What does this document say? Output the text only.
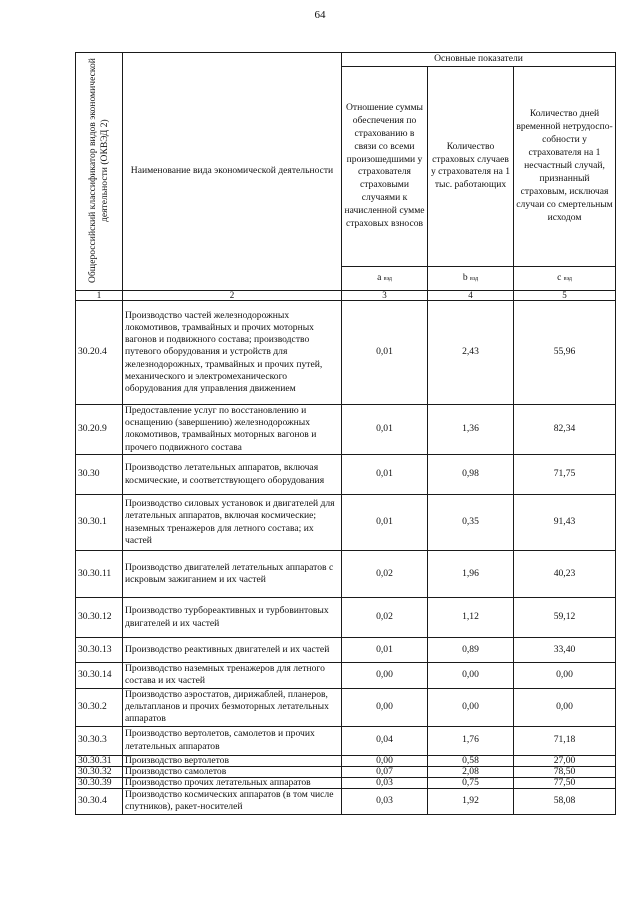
64
Общероссийский классификатор видов экономической деятельности (ОКВЭД 2)	Наименование вида экономической деятельности	Основные показатели		
		Отношение суммы обеспечения по страхованию в связи со всеми произошедшими у страхователя страховыми случаями к начисленной сумме страховых взносов	Количество страховых случаев у страхователя на 1 тыс. работающих	Количество дней временной нетрудоспо-собности у страхователя на 1 несчастный случай, признанный страховым, исключая случаи со смертельным исходом
		a вэд	b вэд	c вэд
1	2	3	4	5
30.20.4	Производство частей железнодорожных локомотивов, трамвайных и прочих моторных вагонов и подвижного состава; производство путевого оборудования и устройств для железнодорожных, трамвайных и прочих путей, механического и электромеханического оборудования для управления движением	0,01	2,43	55,96
30.20.9	Предоставление услуг по восстановлению и оснащению (завершению) железнодорожных локомотивов, трамвайных моторных вагонов и прочего подвижного состава	0,01	1,36	82,34
30.30	Производство летательных аппаратов, включая космические, и соответствующего оборудования	0,01	0,98	71,75
30.30.1	Производство силовых установок и двигателей для летательных аппаратов, включая космические; наземных тренажеров для летного состава; их частей	0,01	0,35	91,43
30.30.11	Производство двигателей летательных аппаратов с искровым зажиганием и их частей	0,02	1,96	40,23
30.30.12	Производство турбореактивных и турбовинтовых двигателей и их частей	0,02	1,12	59,12
30.30.13	Производство реактивных двигателей и их частей	0,01	0,89	33,40
30.30.14	Производство наземных тренажеров для летного состава и их частей	0,00	0,00	0,00
30.30.2	Производство аэростатов, дирижаблей, планеров, дельтапланов и прочих безмоторных летательных аппаратов	0,00	0,00	0,00
30.30.3	Производство вертолетов, самолетов и прочих летательных аппаратов	0,04	1,76	71,18
30.30.31	Производство вертолетов	0,00	0,58	27,00
30.30.32	Производство самолетов	0,07	2,08	78,50
30.30.39	Производство прочих летательных аппаратов	0,03	0,75	77,50
30.30.4	Производство космических аппаратов (в том числе спутников), ракет-носителей	0,03	1,92	58,08
